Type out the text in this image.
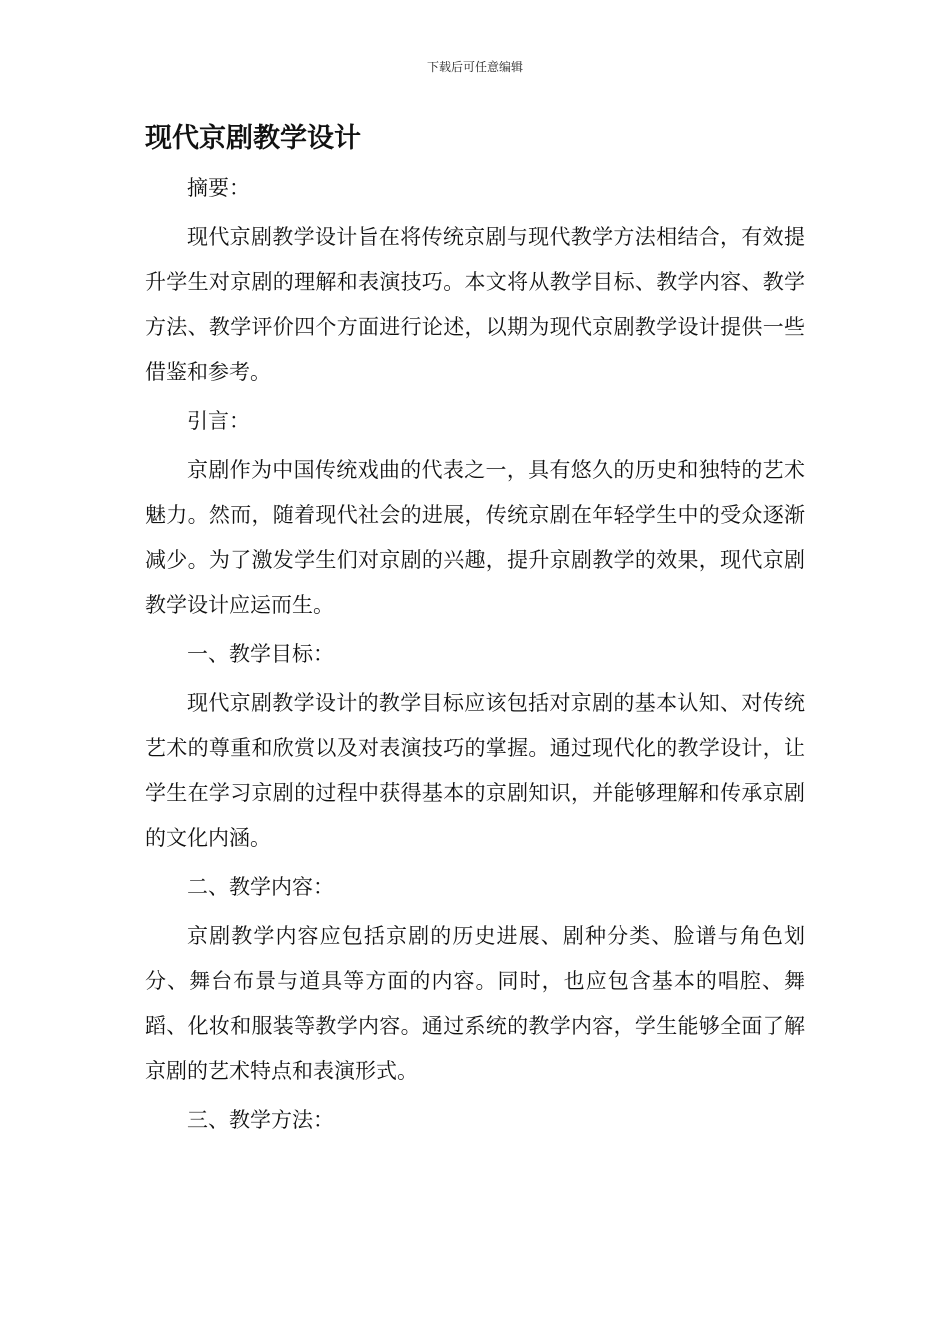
下载后可任意编辑
现代京剧教学设计

摘要：

现代京剧教学设计旨在将传统京剧与现代教学方法相结合，有效提升学生对京剧的理解和表演技巧。本文将从教学目标、教学内容、教学方法、教学评价四个方面进行论述，以期为现代京剧教学设计提供一些借鉴和参考。

引言：

京剧作为中国传统戏曲的代表之一，具有悠久的历史和独特的艺术魅力。然而，随着现代社会的进展，传统京剧在年轻学生中的受众逐渐减少。为了激发学生们对京剧的兴趣，提升京剧教学的效果，现代京剧教学设计应运而生。

一、教学目标：

现代京剧教学设计的教学目标应该包括对京剧的基本认知、对传统艺术的尊重和欣赏以及对表演技巧的掌握。通过现代化的教学设计，让学生在学习京剧的过程中获得基本的京剧知识，并能够理解和传承京剧的文化内涵。

二、教学内容：

京剧教学内容应包括京剧的历史进展、剧种分类、脸谱与角色划分、舞台布景与道具等方面的内容。同时，也应包含基本的唱腔、舞蹈、化妆和服装等教学内容。通过系统的教学内容，学生能够全面了解京剧的艺术特点和表演形式。

三、教学方法：
